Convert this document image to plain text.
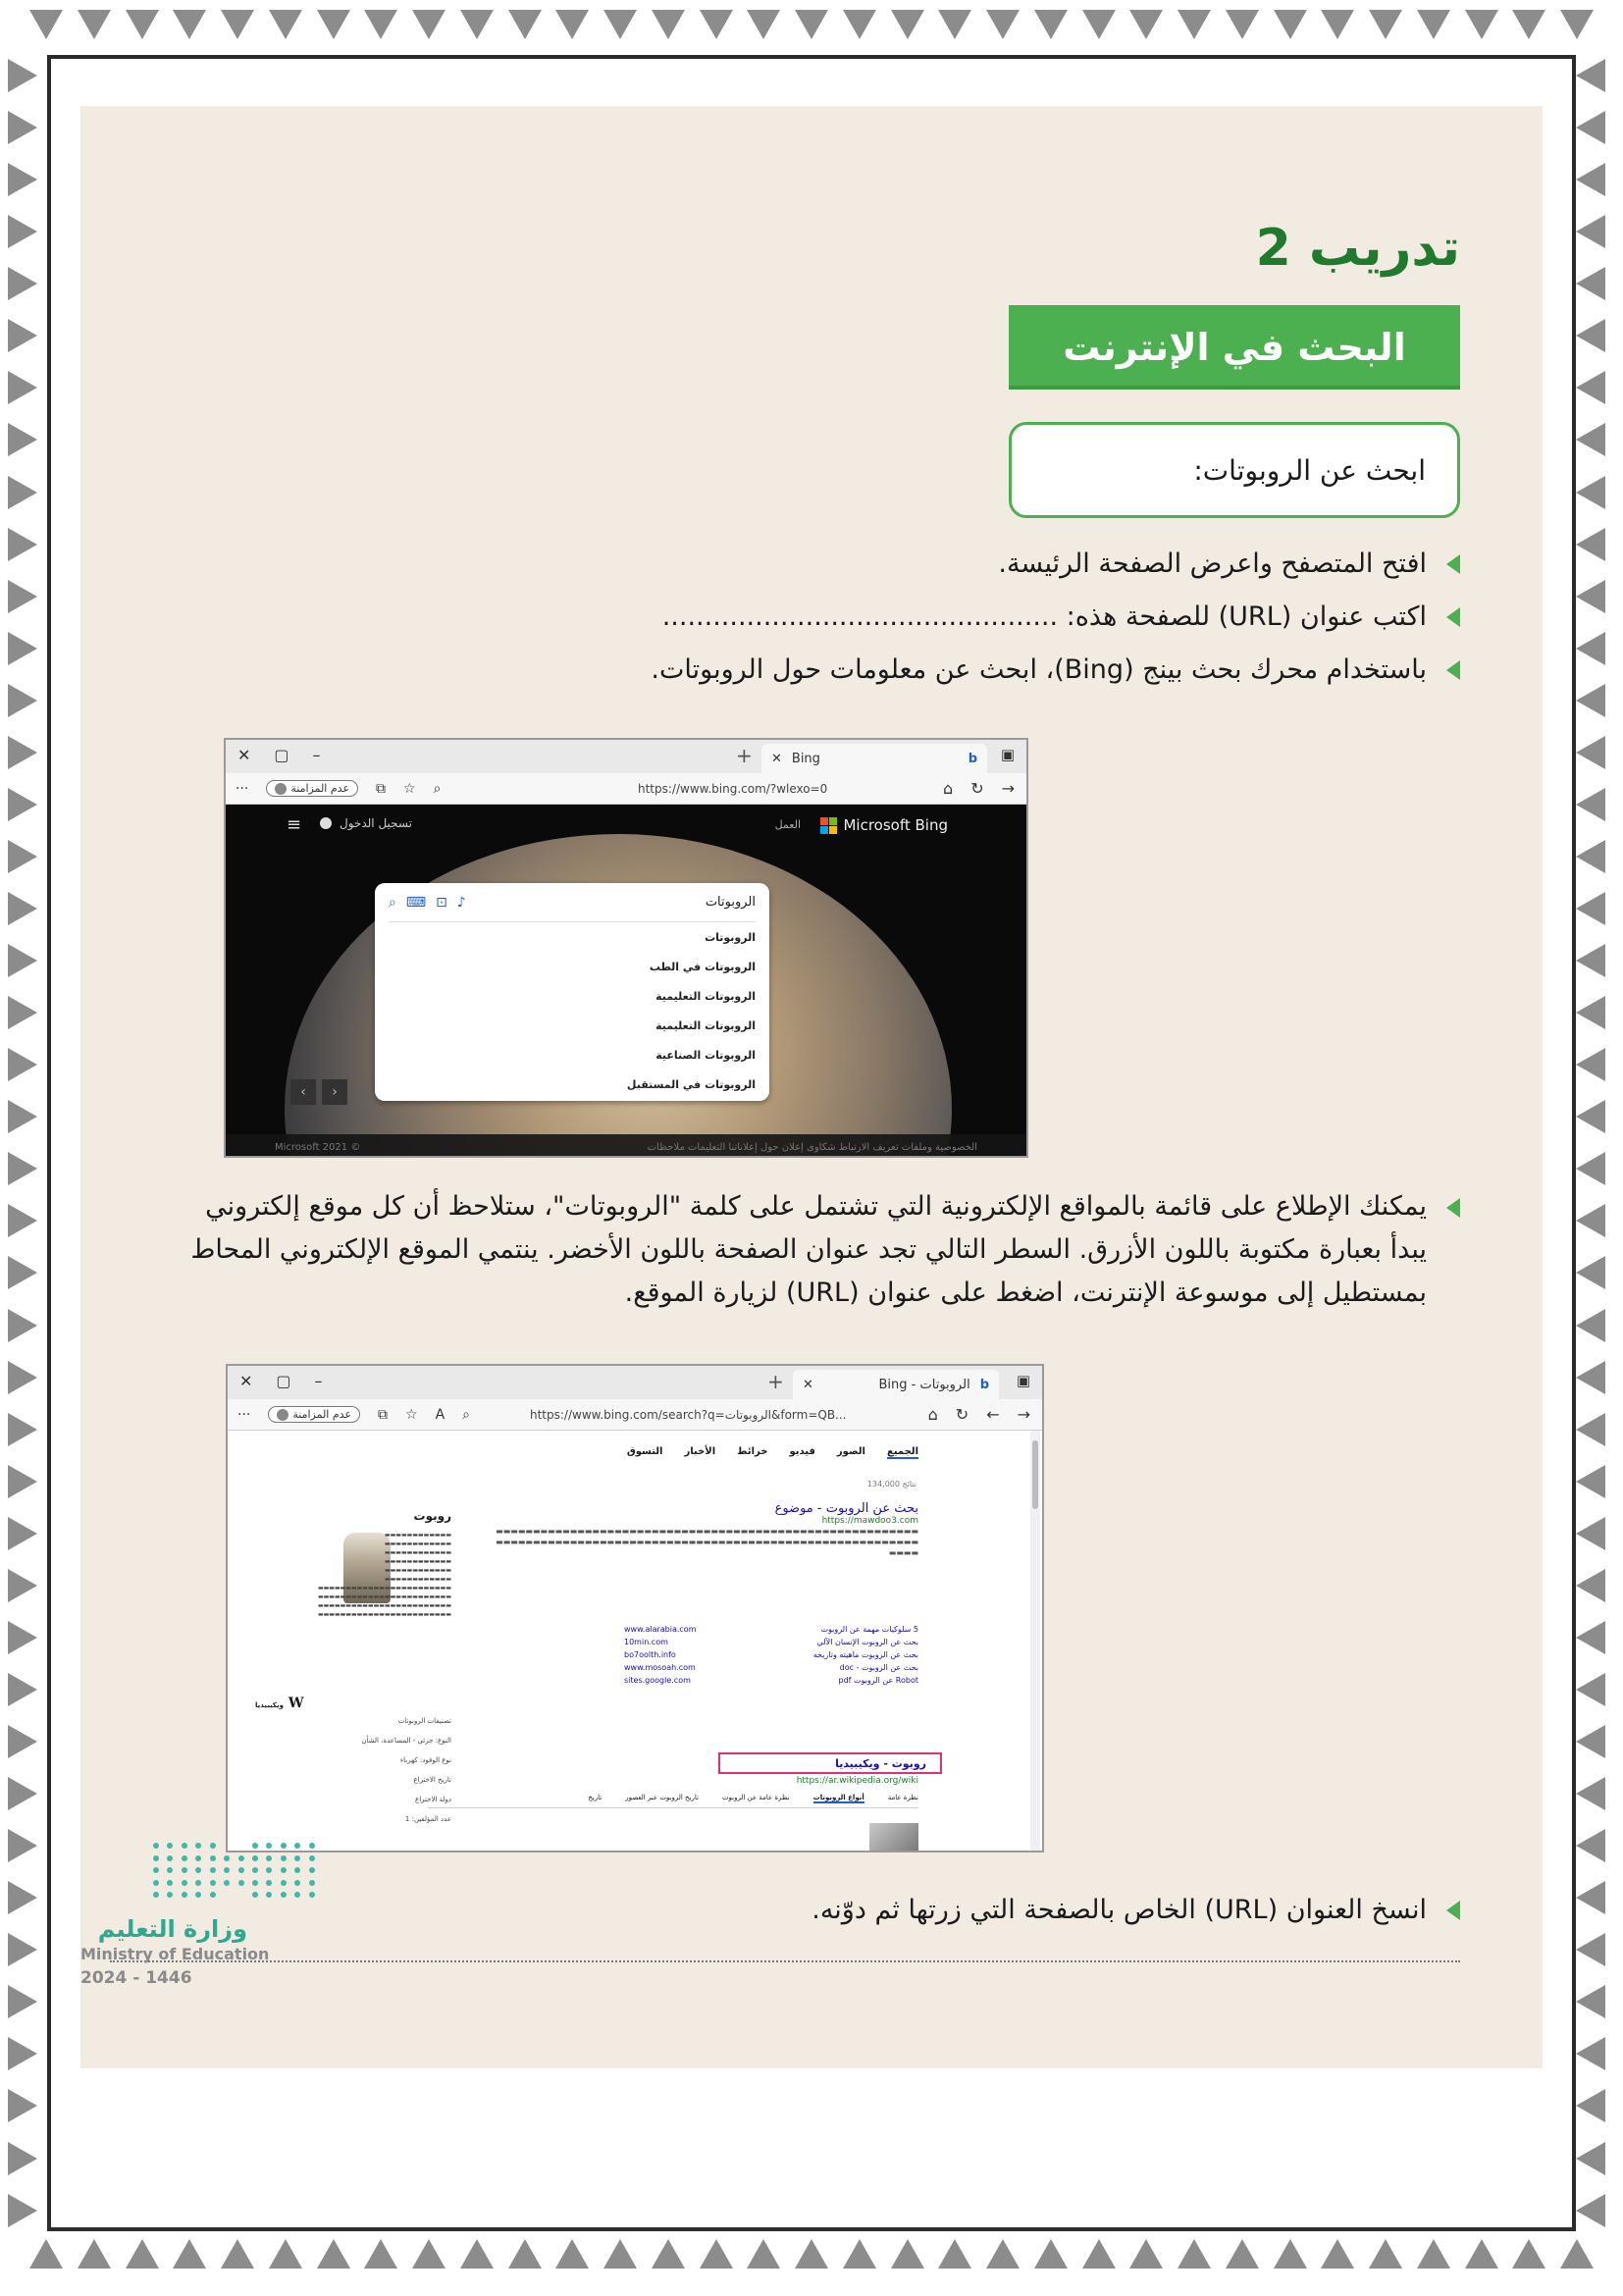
تدريب 2
البحث في الإنترنت
ابحث عن الروبوتات:
افتح المتصفح واعرض الصفحة الرئيسة.
اكتب عنوان (URL) للصفحة هذه: ...............................................
باستخدام محرك بحث بينج (Bing)، ابحث عن معلومات حول الروبوتات.
✕ ▢ –	+ ✕ Bing	b ▣
···	عدم المزامنة ⧉ ☆ ⌕	https://www.bing.com/?wlexo=0	⌂ ↻ →
≡	تسجيل الدخول	العمل	Microsoft Bing
الروبوتات
⌕ ⌨ ⊡ ♪
الروبوتات
الروبوتات في الطب
الروبوتات التعليمية
الروبوتات التعليمية
الروبوتات الصناعية
الروبوتات في المستقبل
‹	›
Microsoft 2021 ©	الخصوصية وملفات تعريف الارتباط شكاوى إعلان حول إعلاناتنا التعليمات ملاحظات
يمكنك الإطلاع على قائمة بالمواقع الإلكترونية التي تشتمل على كلمة "الروبوتات"، ستلاحظ أن كل موقع إلكتروني
يبدأ بعبارة مكتوبة باللون الأزرق. السطر التالي تجد عنوان الصفحة باللون الأخضر. ينتمي الموقع الإلكتروني المحاط
بمستطيل إلى موسوعة الإنترنت، اضغط على عنوان (URL) لزيارة الموقع.
✕ ▢ –	+ ✕	الروبوتات - Bing b ▣
···	عدم المزامنة ⧉ ☆ A ⌕	https://www.bing.com/search?q=الروبوتات&form=QB...	⌂ ↻ ← →
الجميع
الصور
فيديو
خرائط
الأخبار
التسوق
134,000 نتائج
بحث عن الروبوت - موضوع
https://mawdoo3.com
▬▬▬▬▬▬▬▬▬▬▬▬▬▬▬▬▬▬▬▬▬▬▬▬▬▬▬▬▬▬▬▬▬▬▬▬▬▬▬▬▬▬▬▬▬▬▬▬▬▬▬▬▬▬▬▬▬
▬▬▬▬▬▬▬▬▬▬▬▬▬▬▬▬▬▬▬▬▬▬▬▬▬▬▬▬▬▬▬▬▬▬▬▬▬▬▬▬▬▬▬▬▬▬▬▬▬▬▬▬▬▬▬▬▬
▬▬▬▬
5 سلوكيات مهمة عن الروبوت
بحث عن الروبوت الإنسان الآلي
بحث عن الروبوت ماهيته وتاريخه
بحث عن الروبوت - doc
Robot عن الروبوت pdf
www.alarabia.com
10min.com
bo7oolth.info
www.mosoah.com
sites.google.com
روبوت - ويكيبيديا
https://ar.wikipedia.org/wiki
نظرة عامة
أنواع الروبوتات
نظرة عامة عن الروبوت
تاريخ الروبوت عبر العصور
تاريخ
روبوت
▬▬▬▬▬▬▬▬▬▬▬▬
▬▬▬▬▬▬▬▬▬▬▬▬
▬▬▬▬▬▬▬▬▬▬▬▬
▬▬▬▬▬▬▬▬▬▬▬▬
▬▬▬▬▬▬▬▬▬▬▬▬
▬▬▬▬▬▬▬▬▬▬▬▬
▬▬▬▬▬▬▬▬▬▬▬▬▬▬▬▬▬▬▬▬▬▬▬▬
▬▬▬▬▬▬▬▬▬▬▬▬▬▬▬▬▬▬▬▬▬▬▬▬
▬▬▬▬▬▬▬▬▬▬▬▬▬▬▬▬▬▬▬▬▬▬▬▬
▬▬▬▬▬▬▬▬▬▬▬▬▬▬▬▬▬▬▬▬▬▬▬▬
W ويكيبيديا
تصنيفات الروبوتات
النوع: جزئي - المساعدة، الشأن
نوع الوقود: كهرباء
تاريخ الاختراع
دولة الاختراع
عدد المؤلفين: 1
انسخ العنوان (URL) الخاص بالصفحة التي زرتها ثم دوّنه.
وزارة التعليم
Ministry of Education
2024 - 1446
